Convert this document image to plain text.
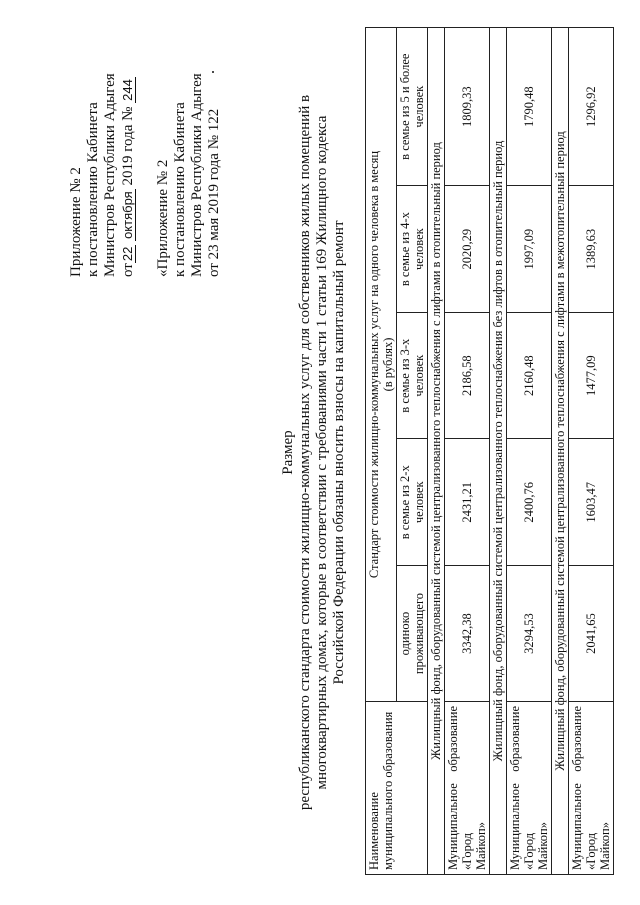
Приложение № 2 к постановлению Кабинета Министров Республики Адыгея от22 октября 2019 года № 244
«Приложение № 2 к постановлению Кабинета Министров Республики Адыгея от 23 мая 2019 года № 122
Размер республиканского стандарта стоимости жилищно-коммунальных услуг для собственников жилых помещений в многоквартирных домах, которые в соответствии с требованиями части 1 статьи 169 Жилищного кодекса Российской Федерации обязаны вносить взносы на капитальный ремонт
Наименование муниципального образования	Стандарт стоимости жилищно-коммунальных услуг на одного человека в месяц (в рублях)				

	одиноко проживающего	в семье из 2-х человек	в семье из 3-х человек	в семье из 4-х человек	в семье из 5 и более человек
Жилищный фонд, оборудованный системой централизованного теплоснабжения с лифтами в отопительный период					

Муниципальное образование «Город Майкоп»	3342,38	2431,21	2186,58	2020,29	1809,33
Жилищный фонд, оборудованный системой централизованного теплоснабжения без лифтов в отопительный период					

Муниципальное образование «Город Майкоп»	3294,53	2400,76	2160,48	1997,09	1790,48
Жилищный фонд, оборудованный системой централизованного теплоснабжения с лифтами в межотопительный период					

Муниципальное образование «Город Майкоп»	2041,65	1603,47	1477,09	1389,63	1296,92
